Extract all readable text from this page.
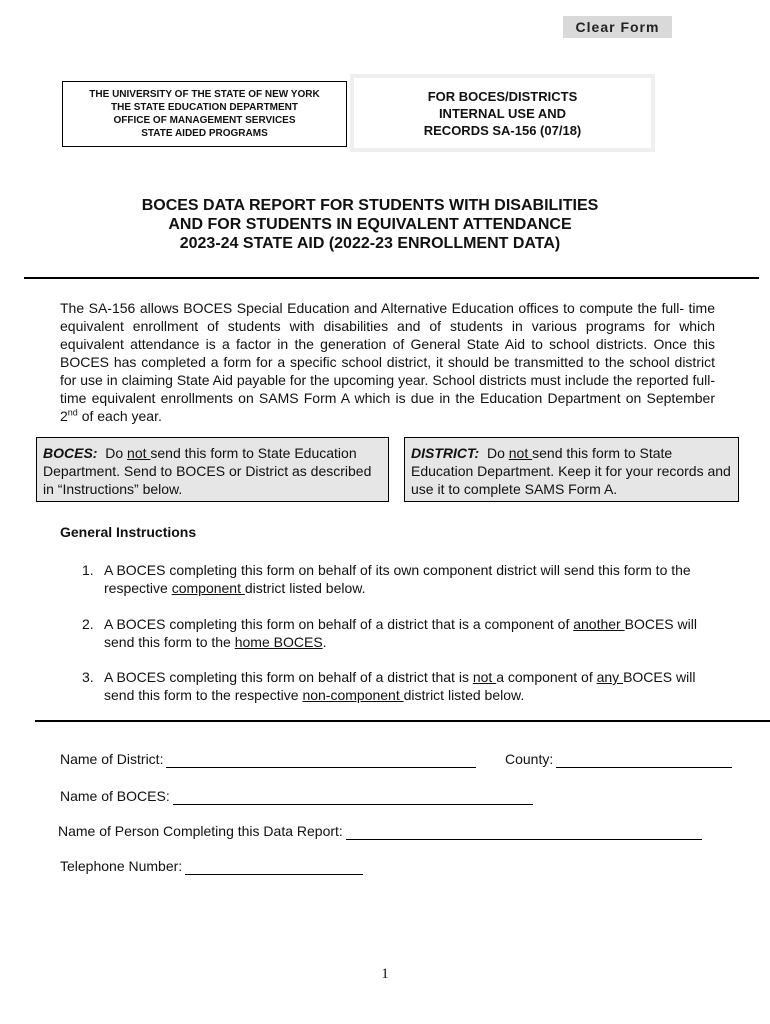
Clear Form
THE UNIVERSITY OF THE STATE OF NEW YORK
THE STATE EDUCATION DEPARTMENT
OFFICE OF MANAGEMENT SERVICES
STATE AIDED PROGRAMS
FOR BOCES/DISTRICTS
INTERNAL USE AND
RECORDS SA-156 (07/18)
BOCES DATA REPORT FOR STUDENTS WITH DISABILITIES
AND FOR STUDENTS IN EQUIVALENT ATTENDANCE
2023-24 STATE AID (2022-23 ENROLLMENT DATA)
The SA-156 allows BOCES Special Education and Alternative Education offices to compute the full- time equivalent enrollment of students with disabilities and of students in various programs for which equivalent attendance is a factor in the generation of General State Aid to school districts. Once this BOCES has completed a form for a specific school district, it should be transmitted to the school district for use in claiming State Aid payable for the upcoming year. School districts must include the reported full-time equivalent enrollments on SAMS Form A which is due in the Education Department on September 2nd of each year.
BOCES:  Do not send this form to State Education Department. Send to BOCES or District as described in “Instructions” below.
DISTRICT:  Do not send this form to State Education Department. Keep it for your records and use it to complete SAMS Form A.
General Instructions
1. A BOCES completing this form on behalf of its own component district will send this form to the respective component district listed below.
2. A BOCES completing this form on behalf of a district that is a component of another BOCES will send this form to the home BOCES.
3. A BOCES completing this form on behalf of a district that is not a component of any BOCES will send this form to the respective non-component district listed below.
Name of District:	County:
Name of BOCES:
Name of Person Completing this Data Report:
Telephone Number:
1
